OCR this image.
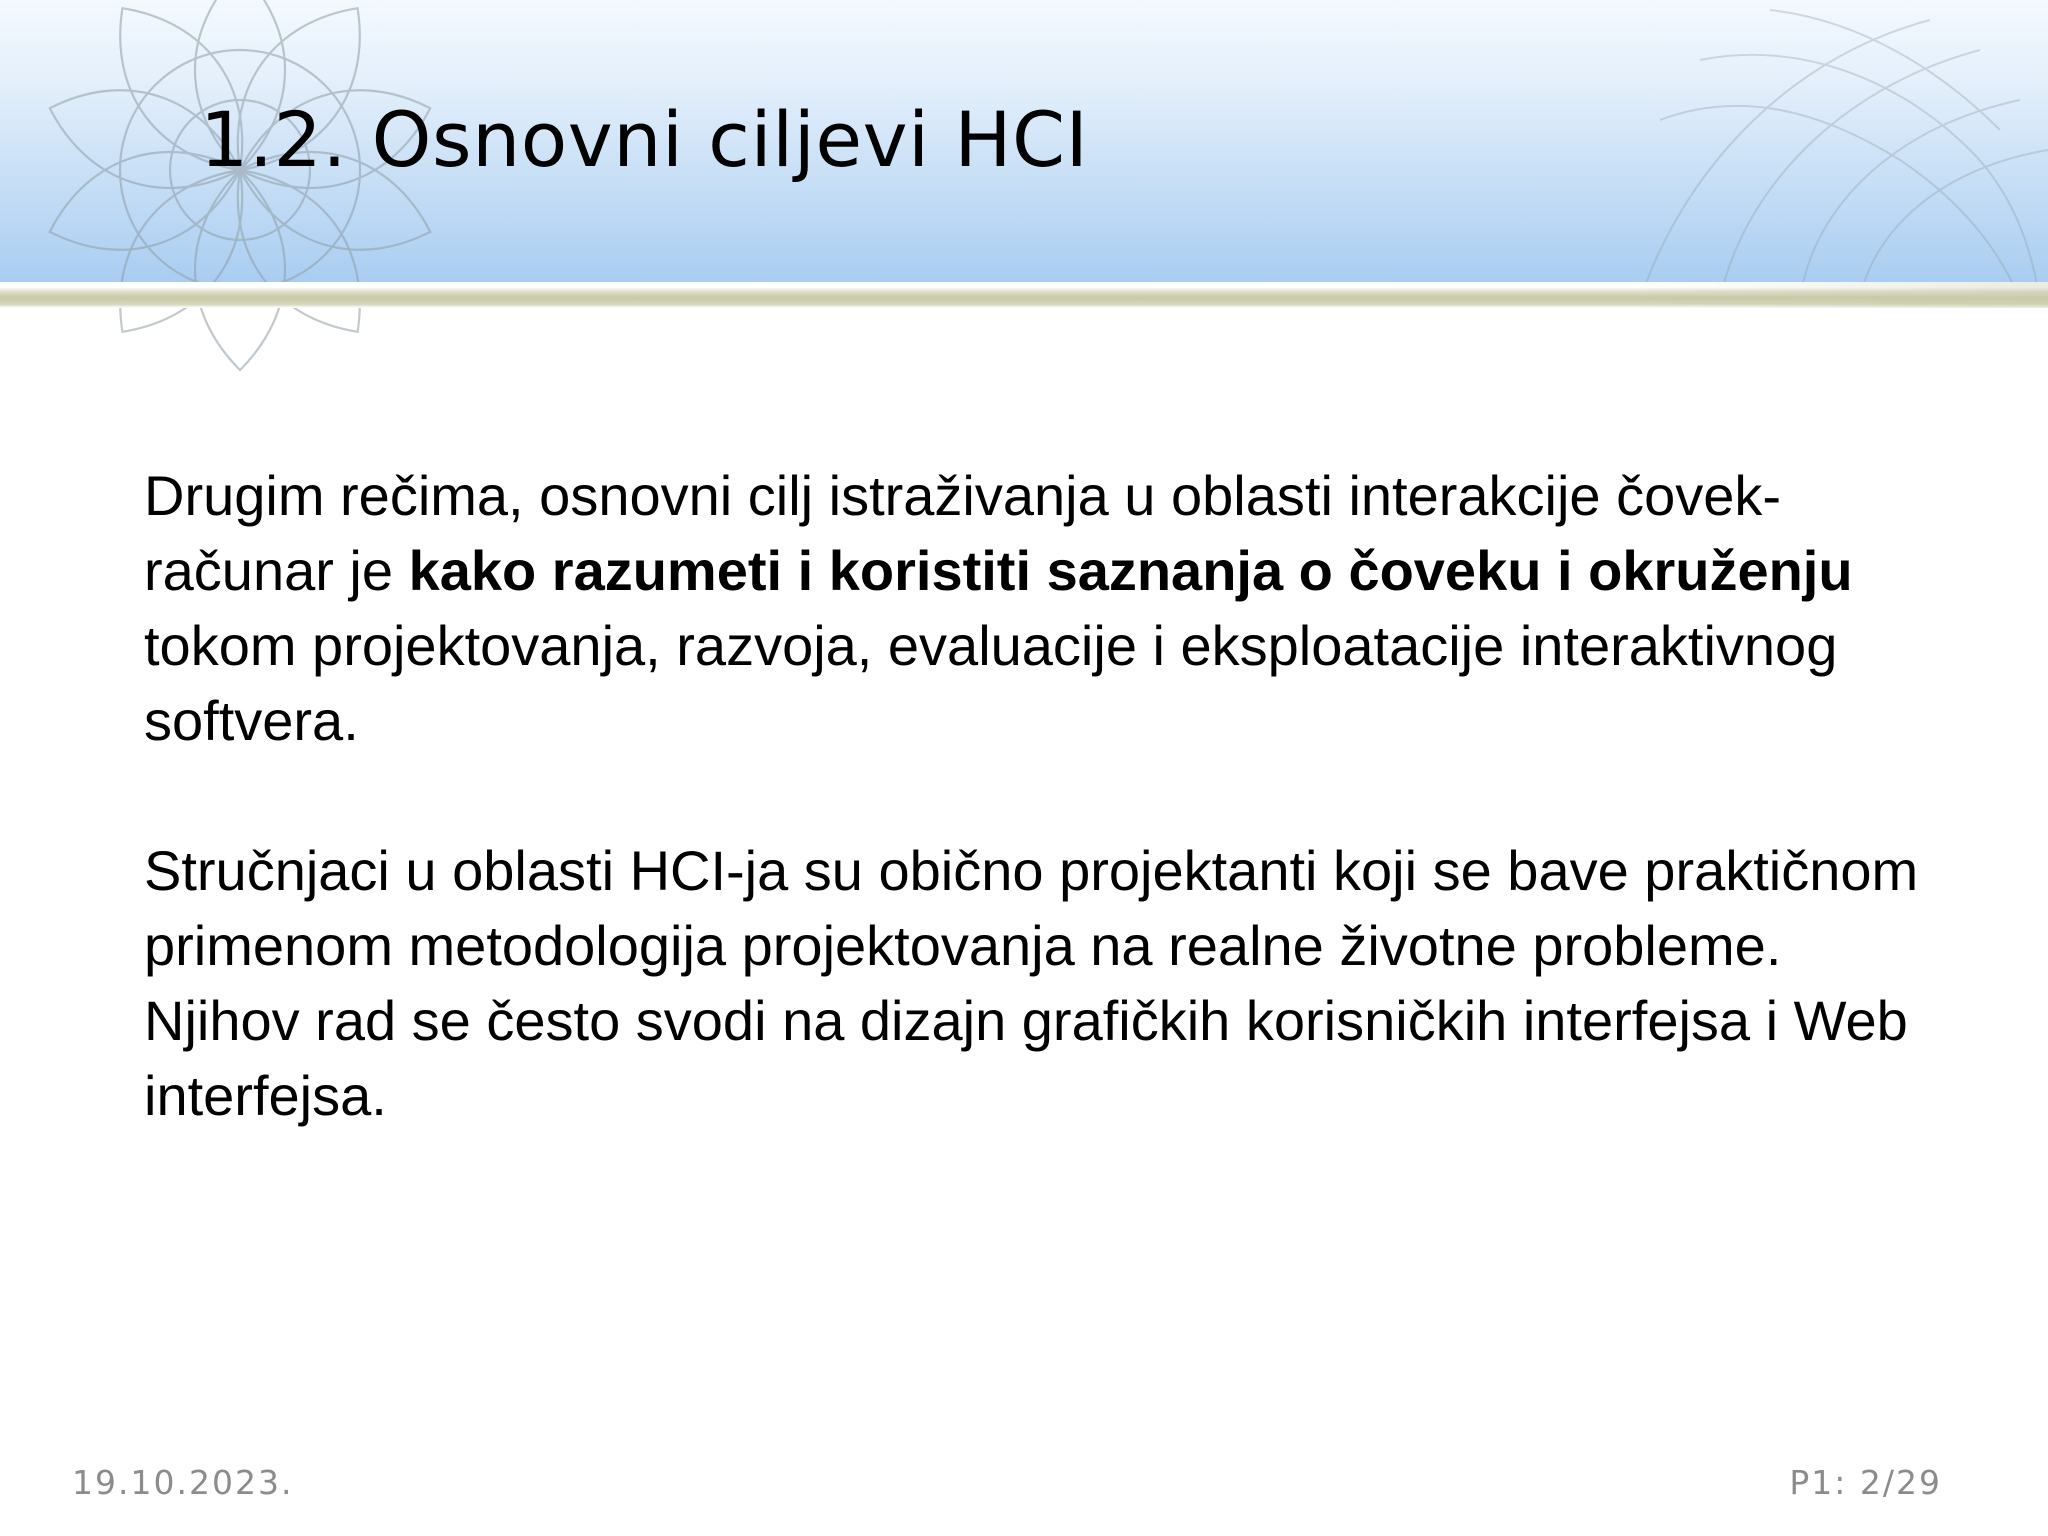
1.2. Osnovni ciljevi HCI

Drugim rečima, osnovni cilj istraživanja u oblasti interakcije čovek-računar je kako razumeti i koristiti saznanja o čoveku i okruženju tokom projektovanja, razvoja, evaluacije i eksploatacije interaktivnog softvera.

Stručnjaci u oblasti HCI-ja su obično projektanti koji se bave praktičnom primenom metodologija projektovanja na realne životne probleme. Njihov rad se često svodi na dizajn grafičkih korisničkih interfejsa i Web interfejsa.

19.10.2023.	P1: 2/29
